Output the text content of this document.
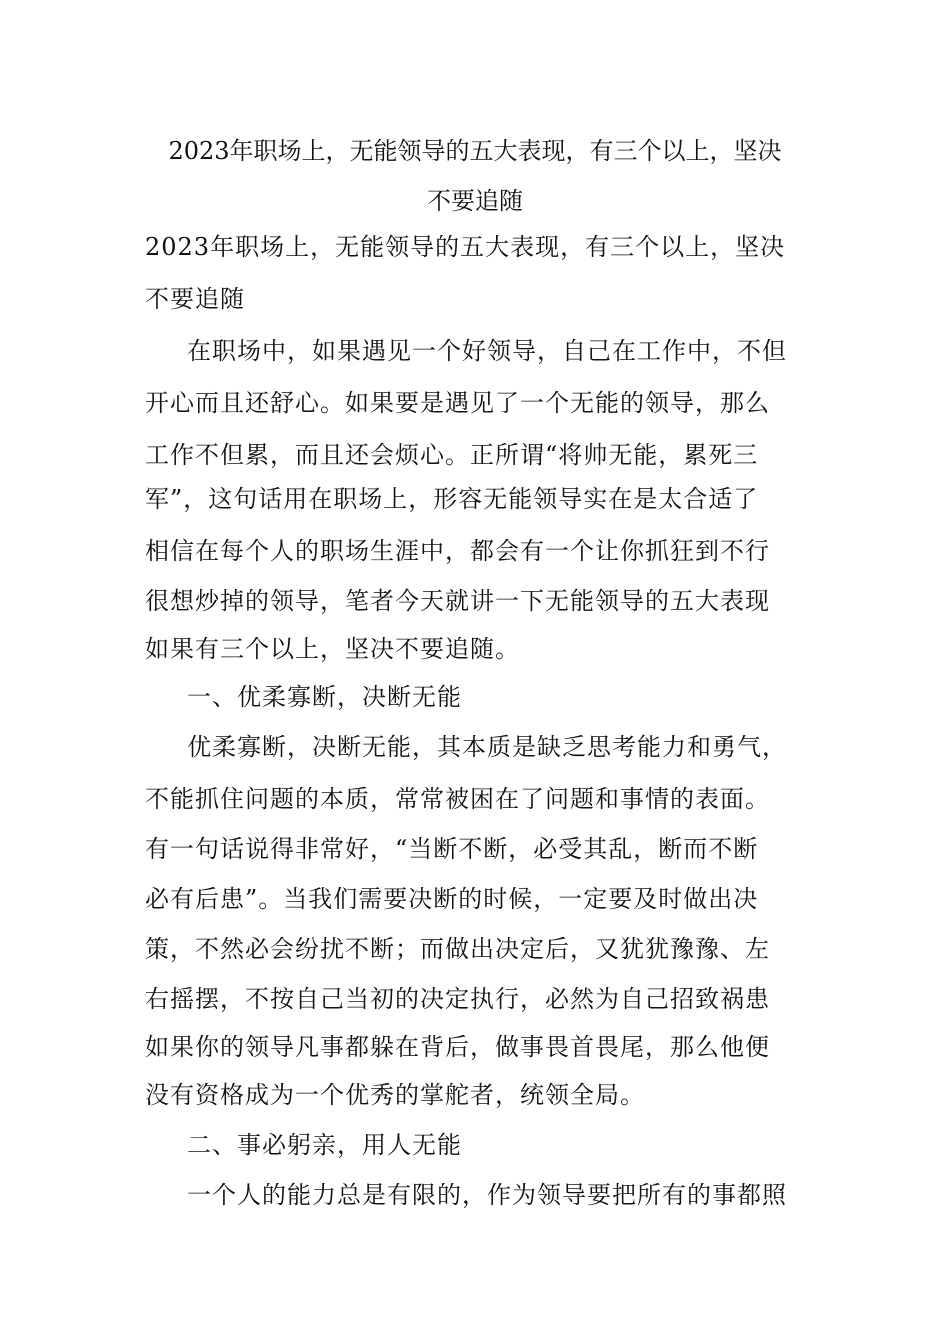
2023年职场上，无能领导的五大表现，有三个以上，坚决
不要追随
2023年职场上，无能领导的五大表现，有三个以上，坚决
不要追随
在职场中，如果遇见一个好领导，自己在工作中，不但
开心而且还舒心。如果要是遇见了一个无能的领导，那么
工作不但累，而且还会烦心。正所谓“将帅无能，累死三
军”，这句话用在职场上，形容无能领导实在是太合适了
相信在每个人的职场生涯中，都会有一个让你抓狂到不行
很想炒掉的领导，笔者今天就讲一下无能领导的五大表现
如果有三个以上，坚决不要追随。
一、优柔寡断，决断无能
优柔寡断，决断无能，其本质是缺乏思考能力和勇气，
不能抓住问题的本质，常常被困在了问题和事情的表面。
有一句话说得非常好，“当断不断，必受其乱，断而不断
必有后患”。当我们需要决断的时候，一定要及时做出决
策，不然必会纷扰不断；而做出决定后，又犹犹豫豫、左
右摇摆，不按自己当初的决定执行，必然为自己招致祸患
如果你的领导凡事都躲在背后，做事畏首畏尾，那么他便
没有资格成为一个优秀的掌舵者，统领全局。
二、事必躬亲，用人无能
一个人的能力总是有限的，作为领导要把所有的事都照
